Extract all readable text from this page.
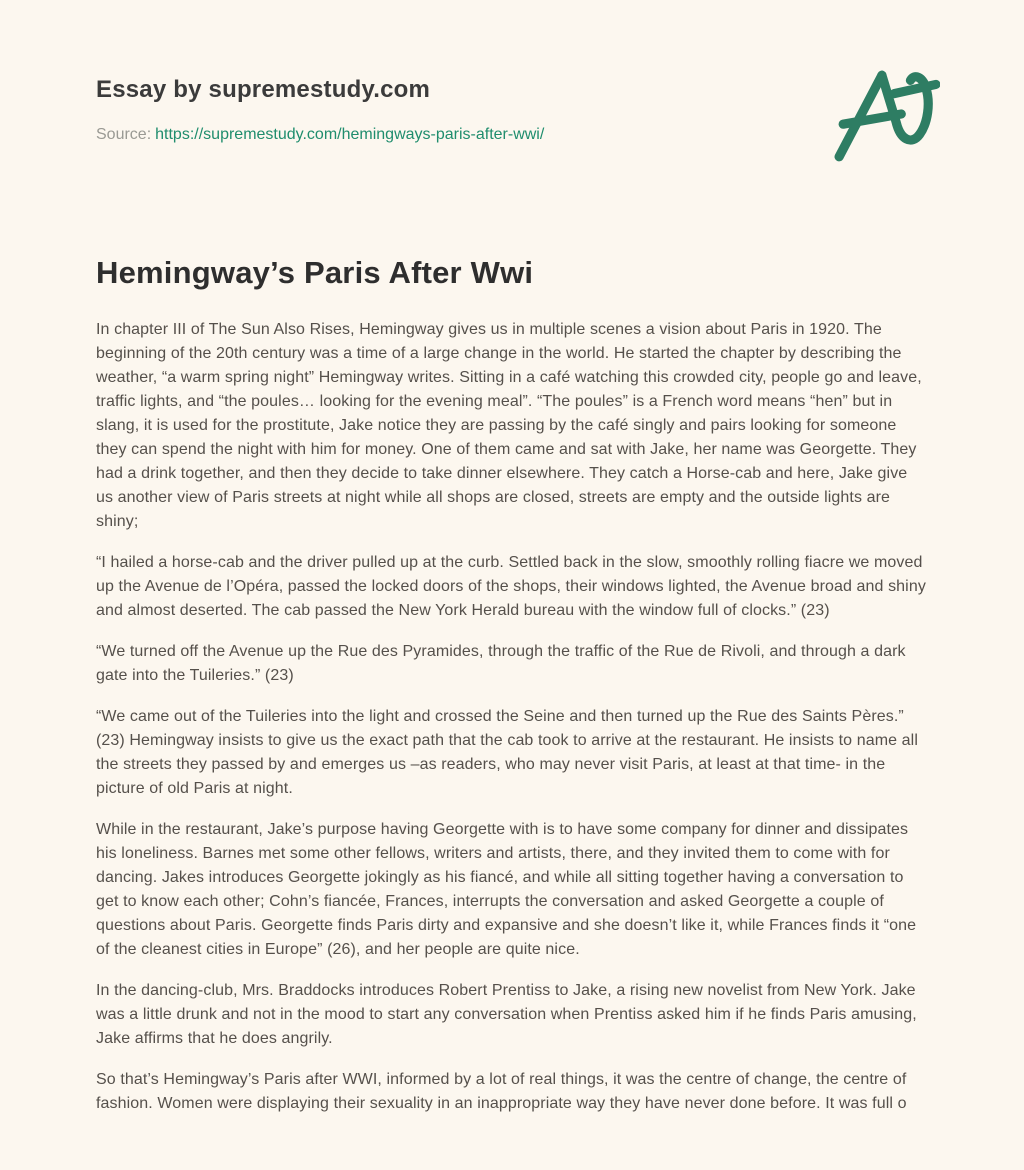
Essay by supremestudy.com
Source: https://supremestudy.com/hemingways-paris-after-wwi/
Hemingway’s Paris After Wwi

In chapter III of The Sun Also Rises, Hemingway gives us in multiple scenes a vision about Paris in 1920. The beginning of the 20th century was a time of a large change in the world. He started the chapter by describing the weather, “a warm spring night” Hemingway writes. Sitting in a café watching this crowded city, people go and leave, traffic lights, and “the poules… looking for the evening meal”. “The poules” is a French word means “hen” but in slang, it is used for the prostitute, Jake notice they are passing by the café singly and pairs looking for someone they can spend the night with him for money. One of them came and sat with Jake, her name was Georgette. They had a drink together, and then they decide to take dinner elsewhere. They catch a Horse-cab and here, Jake give us another view of Paris streets at night while all shops are closed, streets are empty and the outside lights are shiny;

“I hailed a horse-cab and the driver pulled up at the curb. Settled back in the slow, smoothly rolling fiacre we moved up the Avenue de l’Opéra, passed the locked doors of the shops, their windows lighted, the Avenue broad and shiny and almost deserted. The cab passed the New York Herald bureau with the window full of clocks.” (23)

“We turned off the Avenue up the Rue des Pyramides, through the traffic of the Rue de Rivoli, and through a dark gate into the Tuileries.” (23)

“We came out of the Tuileries into the light and crossed the Seine and then turned up the Rue des Saints Pères.” (23) Hemingway insists to give us the exact path that the cab took to arrive at the restaurant. He insists to name all the streets they passed by and emerges us –as readers, who may never visit Paris, at least at that time- in the picture of old Paris at night.

While in the restaurant, Jake’s purpose having Georgette with is to have some company for dinner and dissipates his loneliness. Barnes met some other fellows, writers and artists, there, and they invited them to come with for dancing. Jakes introduces Georgette jokingly as his fiancé, and while all sitting together having a conversation to get to know each other; Cohn’s fiancée, Frances, interrupts the conversation and asked Georgette a couple of questions about Paris. Georgette finds Paris dirty and expansive and she doesn’t like it, while Frances finds it “one of the cleanest cities in Europe” (26), and her people are quite nice.

In the dancing-club, Mrs. Braddocks introduces Robert Prentiss to Jake, a rising new novelist from New York. Jake was a little drunk and not in the mood to start any conversation when Prentiss asked him if he finds Paris amusing, Jake affirms that he does angrily.

So that’s Hemingway’s Paris after WWI, informed by a lot of real things, it was the centre of change, the centre of fashion. Women were displaying their sexuality in an inappropriate way they have never done before. It was full o
